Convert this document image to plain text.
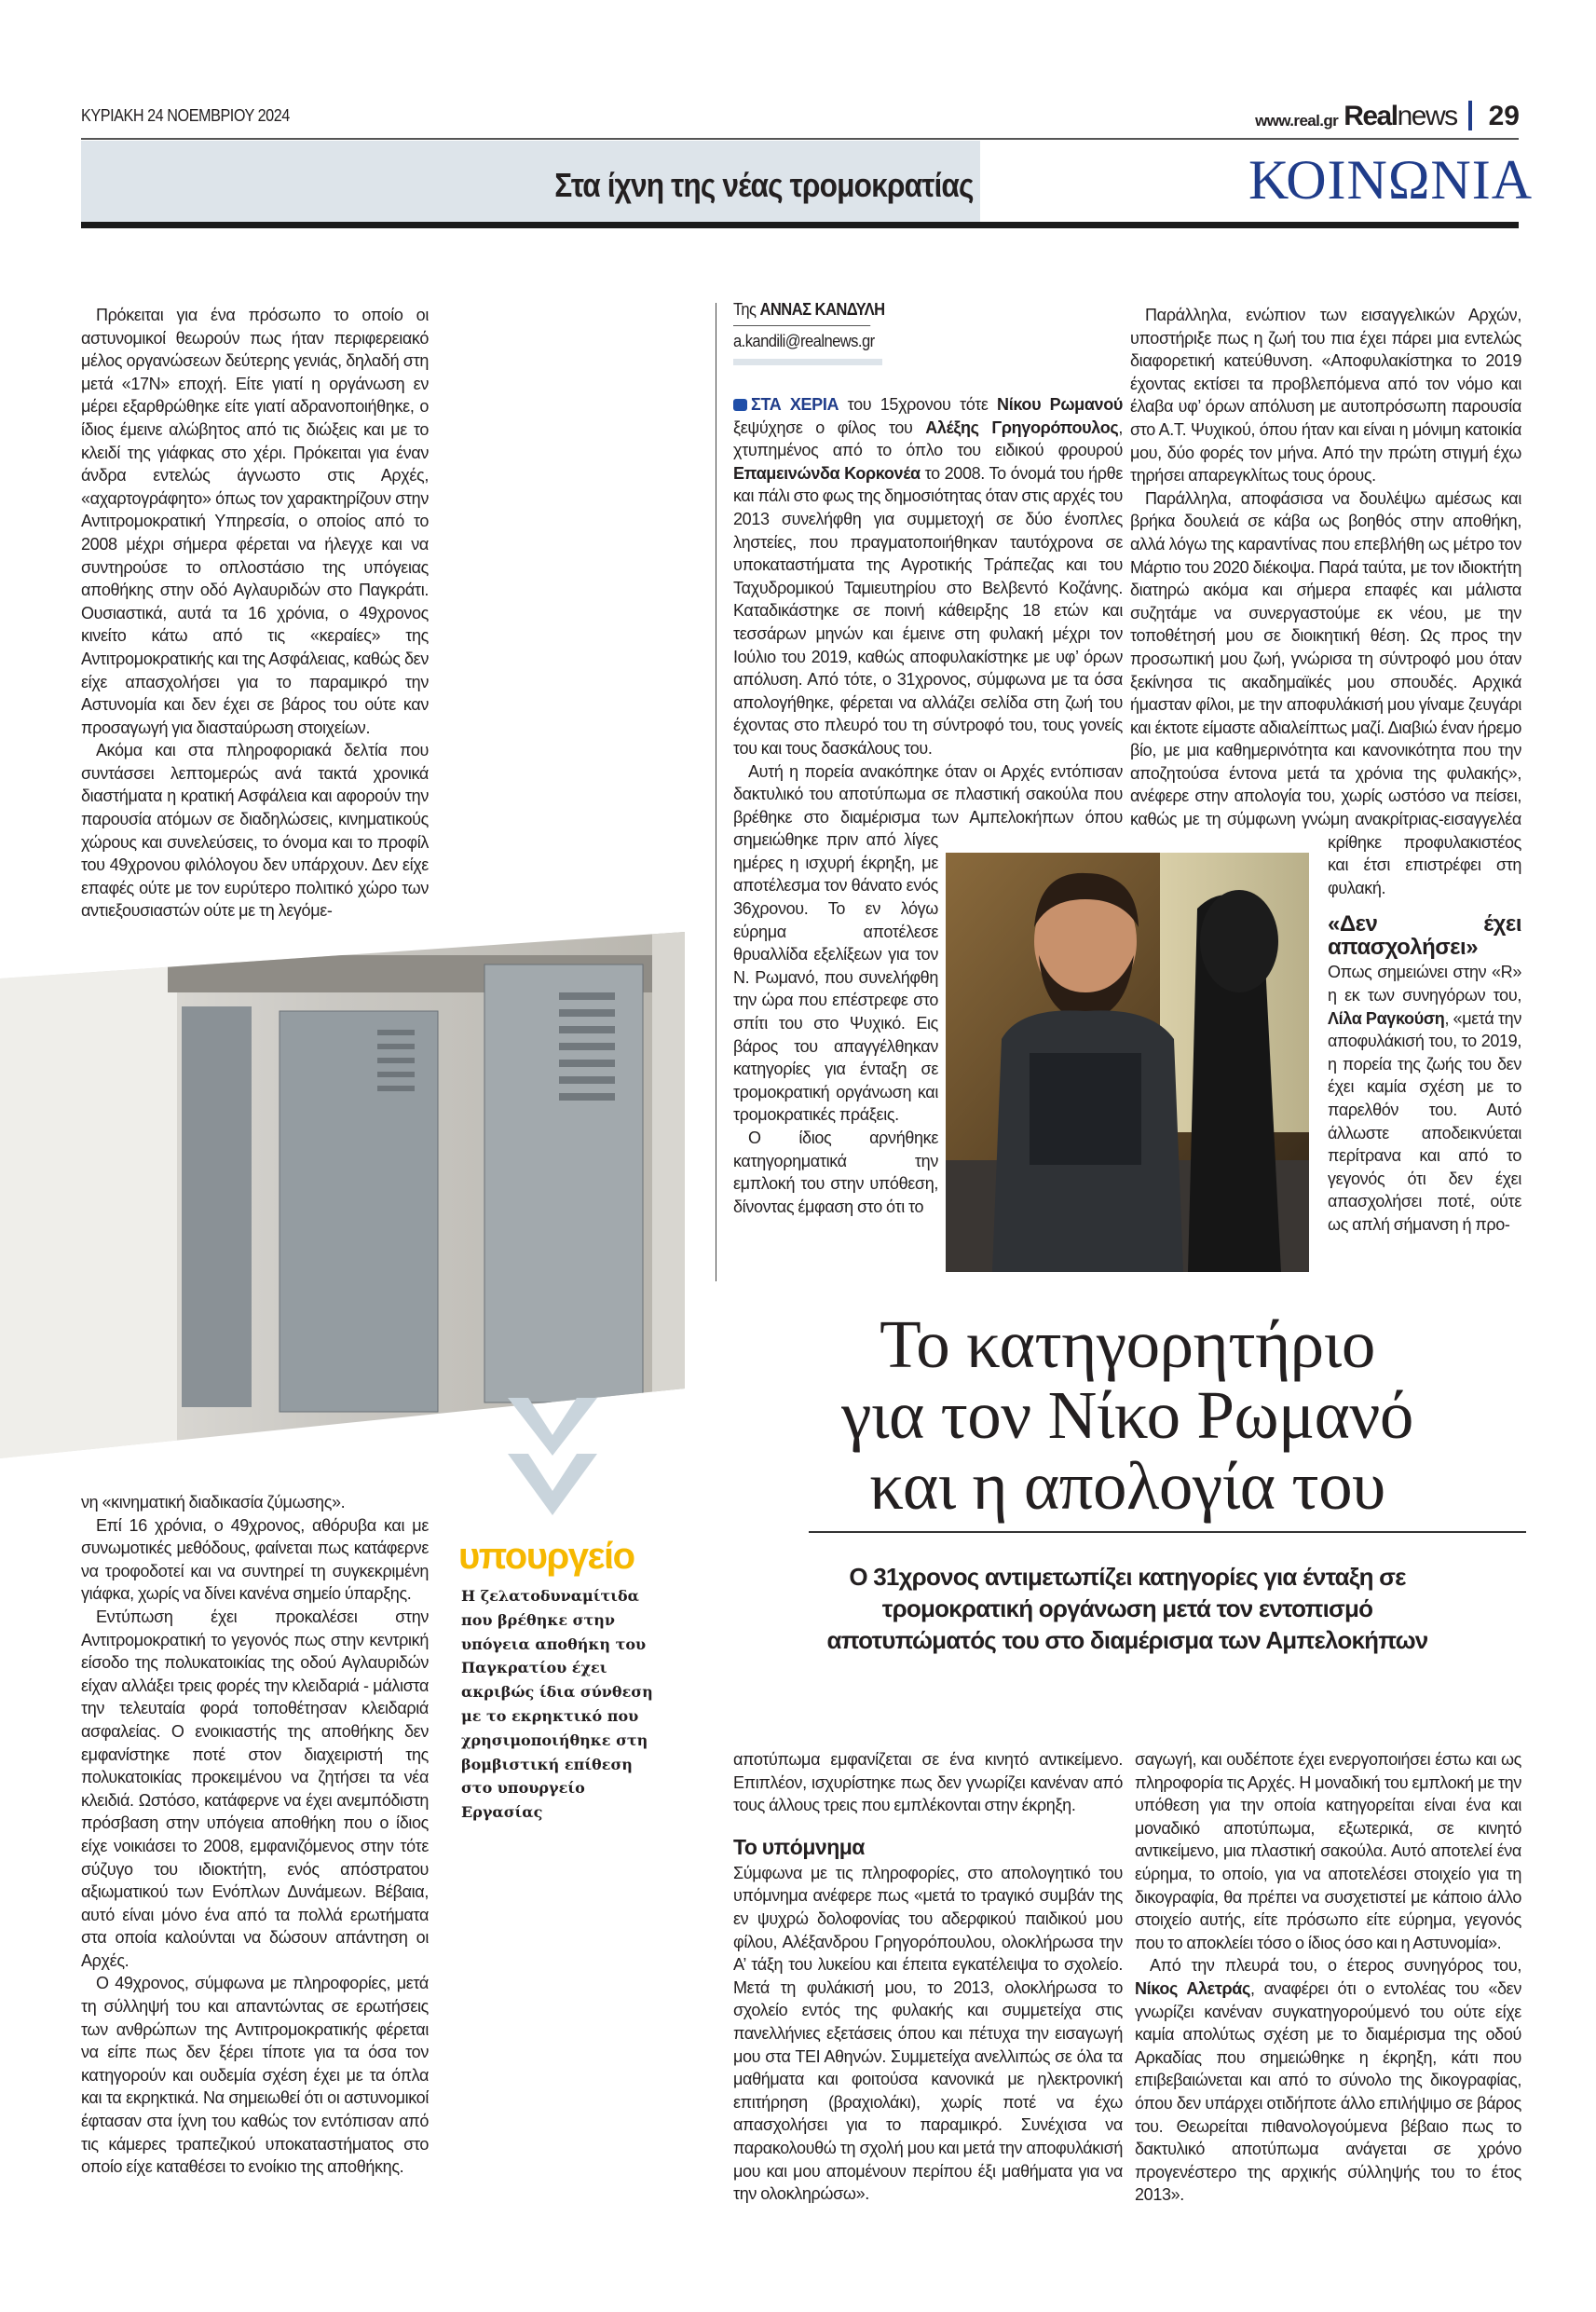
ΚΥΡΙΑΚΗ 24 ΝΟΕΜΒΡΙΟΥ 2024	www.real.gr Realnews 29
Στα ίχνη της νέας τρομοκρατίας	ΚΟΙΝΩΝΙΑ

Πρόκειται για ένα πρόσωπο το οποίο οι αστυνομικοί θεωρούν πως ήταν περιφερειακό μέλος οργανώσεων δεύτερης γενιάς, δηλαδή στη μετά «17Ν» εποχή. Είτε γιατί η οργάνωση εν μέρει εξαρθρώθηκε είτε γιατί αδρανοποιήθηκε, ο ίδιος έμεινε αλώβητος από τις διώξεις και με το κλειδί της γιάφκας στο χέρι. Πρόκειται για έναν άνδρα εντελώς άγνωστο στις Αρχές, «αχαρτογράφητο» όπως τον χαρακτηρίζουν στην Αντιτρομοκρατική Υπηρεσία, ο οποίος από το 2008 μέχρι σήμερα φέρεται να ήλεγχε και να συντηρούσε το οπλοστάσιο της υπόγειας αποθήκης στην οδό Αγλαυριδών στο Παγκράτι. Ουσιαστικά, αυτά τα 16 χρόνια, ο 49χρονος κινείτο κάτω από τις «κεραίες» της Αντιτρομοκρατικής και της Ασφάλειας, καθώς δεν είχε απασχολήσει για το παραμικρό την Αστυνομία και δεν έχει σε βάρος του ούτε καν προσαγωγή για διασταύρωση στοιχείων.

Ακόμα και στα πληροφοριακά δελτία που συντάσσει λεπτομερώς ανά τακτά χρονικά διαστήματα η κρατική Ασφάλεια και αφορούν την παρουσία ατόμων σε διαδηλώσεις, κινηματικούς χώρους και συνελεύσεις, το όνομα και το προφίλ του 49χρονου φιλόλογου δεν υπάρχουν. Δεν είχε επαφές ούτε με τον ευρύτερο πολιτικό χώρο των αντιεξουσιαστών ούτε με τη λεγόμε-

υπουργείο
Η ζελατοδυναμίτιδα που βρέθηκε στην υπόγεια αποθήκη του Παγκρατίου έχει ακριβώς ίδια σύνθεση με το εκρηκτικό που χρησιμοποιήθηκε στη βομβιστική επίθεση στο υπουργείο Εργασίας

νη «κινηματική διαδικασία ζύμωσης».

Επί 16 χρόνια, ο 49χρονος, αθόρυβα και με συνωμοτικές μεθόδους, φαίνεται πως κατάφερνε να τροφοδοτεί και να συντηρεί τη συγκεκριμένη γιάφκα, χωρίς να δίνει κανένα σημείο ύπαρξης.

Εντύπωση έχει προκαλέσει στην Αντιτρομοκρατική το γεγονός πως στην κεντρική είσοδο της πολυκατοικίας της οδού Αγλαυριδών είχαν αλλάξει τρεις φορές την κλειδαριά - μάλιστα την τελευταία φορά τοποθέτησαν κλειδαριά ασφαλείας. Ο ενοικιαστής της αποθήκης δεν εμφανίστηκε ποτέ στον διαχειριστή της πολυκατοικίας προκειμένου να ζητήσει τα νέα κλειδιά. Ωστόσο, κατάφερνε να έχει ανεμπόδιστη πρόσβαση στην υπόγεια αποθήκη που ο ίδιος είχε νοικιάσει το 2008, εμφανιζόμενος στην τότε σύζυγο του ιδιοκτήτη, ενός απόστρατου αξιωματικού των Ενόπλων Δυνάμεων. Βέβαια, αυτό είναι μόνο ένα από τα πολλά ερωτήματα στα οποία καλούνται να δώσουν απάντηση οι Αρχές.

Ο 49χρονος, σύμφωνα με πληροφορίες, μετά τη σύλληψή του και απαντώντας σε ερωτήσεις των ανθρώπων της Αντιτρομοκρατικής φέρεται να είπε πως δεν ξέρει τίποτε για τα όσα τον κατηγορούν και ουδεμία σχέση έχει με τα όπλα και τα εκρηκτικά. Να σημειωθεί ότι οι αστυνομικοί έφτασαν στα ίχνη του καθώς τον εντόπισαν από τις κάμερες τραπεζικού υποκαταστήματος στο οποίο είχε καταθέσει το ενοίκιο της αποθήκης.

Της ΑΝΝΑΣ ΚΑΝΔΥΛΗ
a.kandili@realnews.gr

ΣΤΑ ΧΕΡΙΑ του 15χρονου τότε Νίκου Ρωμανού ξεψύχησε ο φίλος του Αλέξης Γρηγορόπουλος, χτυπημένος από το όπλο του ειδικού φρουρού Επαμεινώνδα Κορκονέα το 2008. Το όνομά του ήρθε και πάλι στο φως της δημοσιότητας όταν στις αρχές του 2013 συνελήφθη για συμμετοχή σε δύο ένοπλες ληστείες, που πραγματοποιήθηκαν ταυτόχρονα σε υποκαταστήματα της Αγροτικής Τράπεζας και του Ταχυδρομικού Ταμιευτηρίου στο Βελβεντό Κοζάνης. Καταδικάστηκε σε ποινή κάθειρξης 18 ετών και τεσσάρων μηνών και έμεινε στη φυλακή μέχρι τον Ιούλιο του 2019, καθώς αποφυλακίστηκε με υφ’ όρων απόλυση. Από τότε, ο 31χρονος, σύμφωνα με τα όσα απολογήθηκε, φέρεται να αλλάζει σελίδα στη ζωή του έχοντας στο πλευρό του τη σύντροφό του, τους γονείς του και τους δασκάλους του.

Αυτή η πορεία ανακόπηκε όταν οι Αρχές εντόπισαν δακτυλικό του αποτύπωμα σε πλαστική σακούλα που βρέθηκε στο διαμέρισμα των Αμπελοκήπων όπου σημειώθηκε πριν από λίγες ημέρες η ισχυρή έκρηξη, με αποτέλεσμα τον θάνατο ενός 36χρονου. Το εν λόγω εύρημα αποτέλεσε θρυαλλίδα εξελίξεων για τον Ν. Ρωμανό, που συνελήφθη την ώρα που επέστρεφε στο σπίτι του στο Ψυχικό. Εις βάρος του απαγγέλθηκαν κατηγορίες για ένταξη σε τρομοκρατική οργάνωση και τρομοκρατικές πράξεις.

Ο ίδιος αρνήθηκε κατηγορηματικά την εμπλοκή του στην υπόθεση, δίνοντας έμφαση στο ότι το

Παράλληλα, ενώπιον των εισαγγελικών Αρχών, υποστήριξε πως η ζωή του πια έχει πάρει μια εντελώς διαφορετική κατεύθυνση. «Αποφυλακίστηκα το 2019 έχοντας εκτίσει τα προβλεπόμενα από τον νόμο και έλαβα υφ’ όρων απόλυση με αυτοπρόσωπη παρουσία στο Α.Τ. Ψυχικού, όπου ήταν και είναι η μόνιμη κατοικία μου, δύο φορές τον μήνα. Από την πρώτη στιγμή έχω τηρήσει απαρεγκλίτως τους όρους.

Παράλληλα, αποφάσισα να δουλέψω αμέσως και βρήκα δουλειά σε κάβα ως βοηθός στην αποθήκη, αλλά λόγω της καραντίνας που επεβλήθη ως μέτρο τον Μάρτιο του 2020 διέκοψα. Παρά ταύτα, με τον ιδιοκτήτη διατηρώ ακόμα και σήμερα επαφές και μάλιστα συζητάμε να συνεργαστούμε εκ νέου, με την τοποθέτησή μου σε διοικητική θέση. Ως προς την προσωπική μου ζωή, γνώρισα τη σύντροφό μου όταν ξεκίνησα τις ακαδημαϊκές μου σπουδές. Αρχικά ήμασταν φίλοι, με την αποφυλάκισή μου γίναμε ζευγάρι και έκτοτε είμαστε αδιαλείπτως μαζί. Διαβιώ έναν ήρεμο βίο, με μια καθημερινότητα και κανονικότητα που την αποζητούσα έντονα μετά τα χρόνια της φυλακής», ανέφερε στην απολογία του, χωρίς ωστόσο να πείσει, καθώς με τη σύμφωνη γνώμη ανακρίτριας-εισαγγελέα κρίθηκε προφυλακιστέος και έτσι επιστρέφει στη φυλακή.

«Δεν έχει απασχολήσει»

Οπως σημειώνει στην «R» η εκ των συνηγόρων του, Λίλα Ραγκούση, «μετά την αποφυλάκισή του, το 2019, η πορεία της ζωής του δεν έχει καμία σχέση με το παρελθόν του. Αυτό άλλωστε αποδεικνύεται περίτρανα και από το γεγονός ότι δεν έχει απασχολήσει ποτέ, ούτε ως απλή σήμανση ή προ-

Το κατηγορητήριο
για τον Νίκο Ρωμανό
και η απολογία του
Ο 31χρονος αντιμετωπίζει κατηγορίες για ένταξη σε τρομοκρατική οργάνωση μετά τον εντοπισμό αποτυπώματός του στο διαμέρισμα των Αμπελοκήπων

αποτύπωμα εμφανίζεται σε ένα κινητό αντικείμενο. Επιπλέον, ισχυρίστηκε πως δεν γνωρίζει κανέναν από τους άλλους τρεις που εμπλέκονται στην έκρηξη.

Το υπόμνημα

Σύμφωνα με τις πληροφορίες, στο απολογητικό του υπόμνημα ανέφερε πως «μετά το τραγικό συμβάν της εν ψυχρώ δολοφονίας του αδερφικού παιδικού μου φίλου, Αλέξανδρου Γρηγορόπουλου, ολοκλήρωσα την Α’ τάξη του λυκείου και έπειτα εγκατέλειψα το σχολείο. Μετά τη φυλάκισή μου, το 2013, ολοκλήρωσα το σχολείο εντός της φυλακής και συμμετείχα στις πανελλήνιες εξετάσεις όπου και πέτυχα την εισαγωγή μου στα ΤΕΙ Αθηνών. Συμμετείχα ανελλιπώς σε όλα τα μαθήματα και φοιτούσα κανονικά με ηλεκτρονική επιτήρηση (βραχιολάκι), χωρίς ποτέ να έχω απασχολήσει για το παραμικρό. Συνέχισα να παρακολουθώ τη σχολή μου και μετά την αποφυλάκισή μου και μου απομένουν περίπου έξι μαθήματα για να την ολοκληρώσω».

σαγωγή, και ουδέποτε έχει ενεργοποιήσει έστω και ως πληροφορία τις Αρχές. Η μοναδική του εμπλοκή με την υπόθεση για την οποία κατηγορείται είναι ένα και μοναδικό αποτύπωμα, εξωτερικά, σε κινητό αντικείμενο, μια πλαστική σακούλα. Αυτό αποτελεί ένα εύρημα, το οποίο, για να αποτελέσει στοιχείο για τη δικογραφία, θα πρέπει να συσχετιστεί με κάποιο άλλο στοιχείο αυτής, είτε πρόσωπο είτε εύρημα, γεγονός που το αποκλείει τόσο ο ίδιος όσο και η Αστυνομία».

Από την πλευρά του, ο έτερος συνηγόρος του, Νίκος Αλετράς, αναφέρει ότι ο εντολέας του «δεν γνωρίζει κανέναν συγκατηγορούμενό του ούτε είχε καμία απολύτως σχέση με το διαμέρισμα της οδού Αρκαδίας που σημειώθηκε η έκρηξη, κάτι που επιβεβαιώνεται και από το σύνολο της δικογραφίας, όπου δεν υπάρχει οτιδήποτε άλλο επιλήψιμο σε βάρος του. Θεωρείται πιθανολογούμενα βέβαιο πως το δακτυλικό αποτύπωμα ανάγεται σε χρόνο προγενέστερο της αρχικής σύλληψής του το έτος 2013».
